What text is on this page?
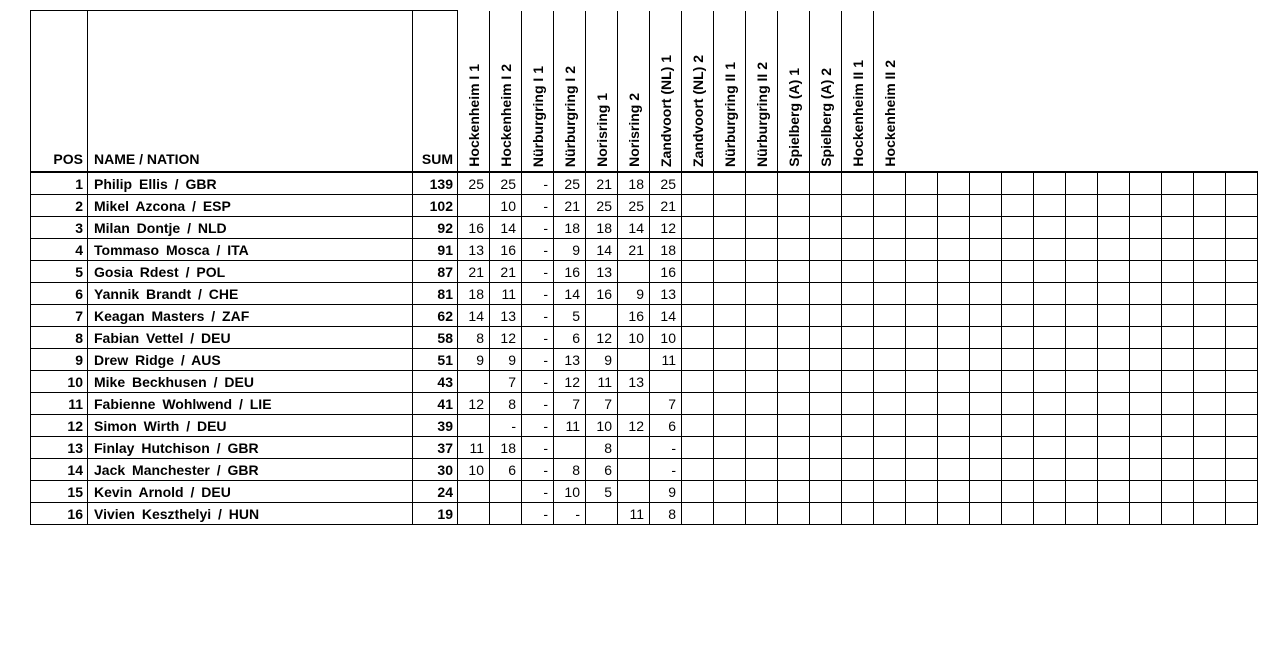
POS	NAME / NATION	SUM	Hockenheim I 1	Hockenheim I 2	Nürburgring I 1	Nürburgring I 2	Norisring 1	Norisring 2	Zandvoort (NL) 1	Zandvoort (NL) 2	Nürburgring II 1	Nürburgring II 2	Spielberg (A) 1	Spielberg (A) 2	Hockenheim II 1	Hockenheim II 2											

1	Philip Ellis / GBR	139	25	25	-	25	21	18	25																		
2	Mikel Azcona / ESP	102		10	-	21	25	25	21																		
3	Milan Dontje / NLD	92	16	14	-	18	18	14	12																		
4	Tommaso Mosca / ITA	91	13	16	-	9	14	21	18																		
5	Gosia Rdest / POL	87	21	21	-	16	13		16																		
6	Yannik Brandt / CHE	81	18	11	-	14	16	9	13																		
7	Keagan Masters / ZAF	62	14	13	-	5		16	14																		
8	Fabian Vettel / DEU	58	8	12	-	6	12	10	10																		
9	Drew Ridge / AUS	51	9	9	-	13	9		11																		
10	Mike Beckhusen / DEU	43		7	-	12	11	13																			
11	Fabienne Wohlwend / LIE	41	12	8	-	7	7		7																		
12	Simon Wirth / DEU	39		-	-	11	10	12	6																		
13	Finlay Hutchison / GBR	37	11	18	-		8		-																		
14	Jack Manchester / GBR	30	10	6	-	8	6		-																		
15	Kevin Arnold / DEU	24			-	10	5		9																		
16	Vivien Keszthelyi / HUN	19			-	-		11	8																		
